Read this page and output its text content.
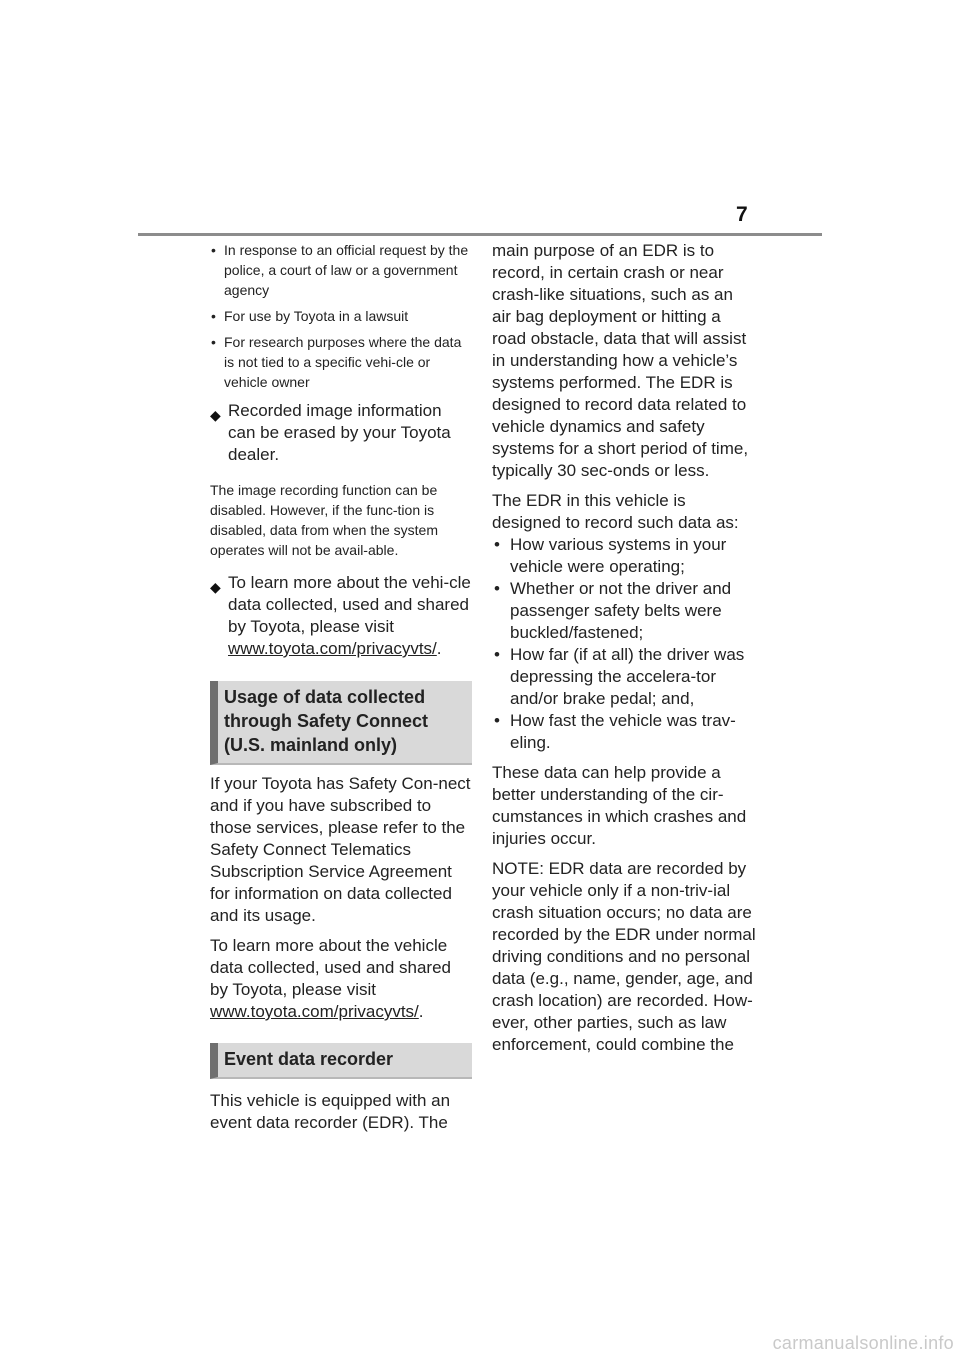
7
• In response to an official request by the police, a court of law or a government agency
• For use by Toyota in a lawsuit
• For research purposes where the data is not tied to a specific vehi-cle or vehicle owner
◆ Recorded image information can be erased by your Toyota dealer.

The image recording function can be disabled. However, if the func-tion is disabled, data from when the system operates will not be avail-able.

◆ To learn more about the vehi-cle data collected, used and shared by Toyota, please visit www.toyota.com/privacyvts/.
Usage of data collected through Safety Connect (U.S. mainland only)

If your Toyota has Safety Con-nect and if you have subscribed to those services, please refer to the Safety Connect Telematics Subscription Service Agreement for information on data collected and its usage.

To learn more about the vehicle data collected, used and shared by Toyota, please visit www.toyota.com/privacyvts/.

Event data recorder

This vehicle is equipped with an event data recorder (EDR). The

main purpose of an EDR is to record, in certain crash or near crash-like situations, such as an air bag deployment or hitting a road obstacle, data that will assist in understanding how a vehicle’s systems performed. The EDR is designed to record data related to vehicle dynamics and safety systems for a short period of time, typically 30 sec-onds or less.

The EDR in this vehicle is designed to record such data as:

• How various systems in your vehicle were operating;
• Whether or not the driver and passenger safety belts were buckled/fastened;
• How far (if at all) the driver was depressing the accelera-tor and/or brake pedal; and,
• How fast the vehicle was trav-eling.

These data can help provide a better understanding of the cir-cumstances in which crashes and injuries occur.

NOTE: EDR data are recorded by your vehicle only if a non-triv-ial crash situation occurs; no data are recorded by the EDR under normal driving conditions and no personal data (e.g., name, gender, age, and crash location) are recorded. How-ever, other parties, such as law enforcement, could combine the

carmanualsonline.info
